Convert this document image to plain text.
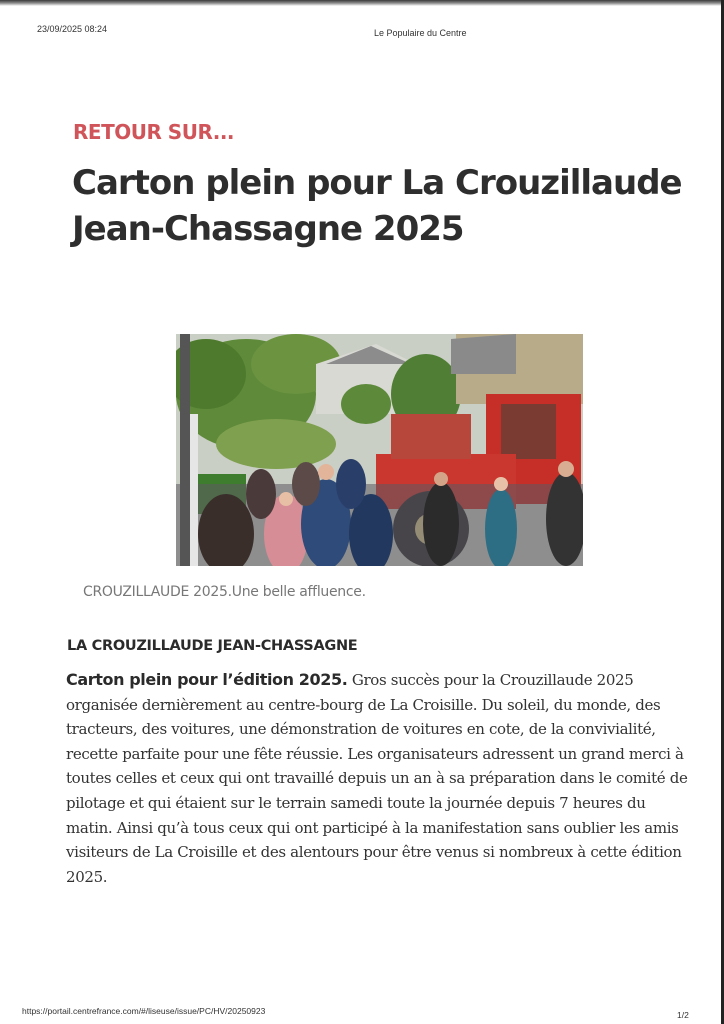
23/09/2025 08:24	Le Populaire du Centre
RETOUR SUR...
Carton plein pour La Crouzillaude Jean-Chassagne 2025
CROUZILLAUDE 2025.Une belle affluence.
LA CROUZILLAUDE JEAN-CHASSAGNE

Carton plein pour l’édition 2025. Gros succès pour la Crouzillaude 2025 organisée dernièrement au centre-bourg de La Croisille. Du soleil, du monde, des tracteurs, des voitures, une démonstration de voitures en cote, de la convivialité, recette parfaite pour une fête réussie. Les organisateurs adressent un grand merci à toutes celles et ceux qui ont travaillé depuis un an à sa préparation dans le comité de pilotage et qui étaient sur le terrain samedi toute la journée depuis 7 heures du matin. Ainsi qu’à tous ceux qui ont participé à la manifestation sans oublier les amis visiteurs de La Croisille et des alentours pour être venus si nombreux à cette édition 2025.

https://portail.centrefrance.com/#/liseuse/issue/PC/HV/20250923	1/2
